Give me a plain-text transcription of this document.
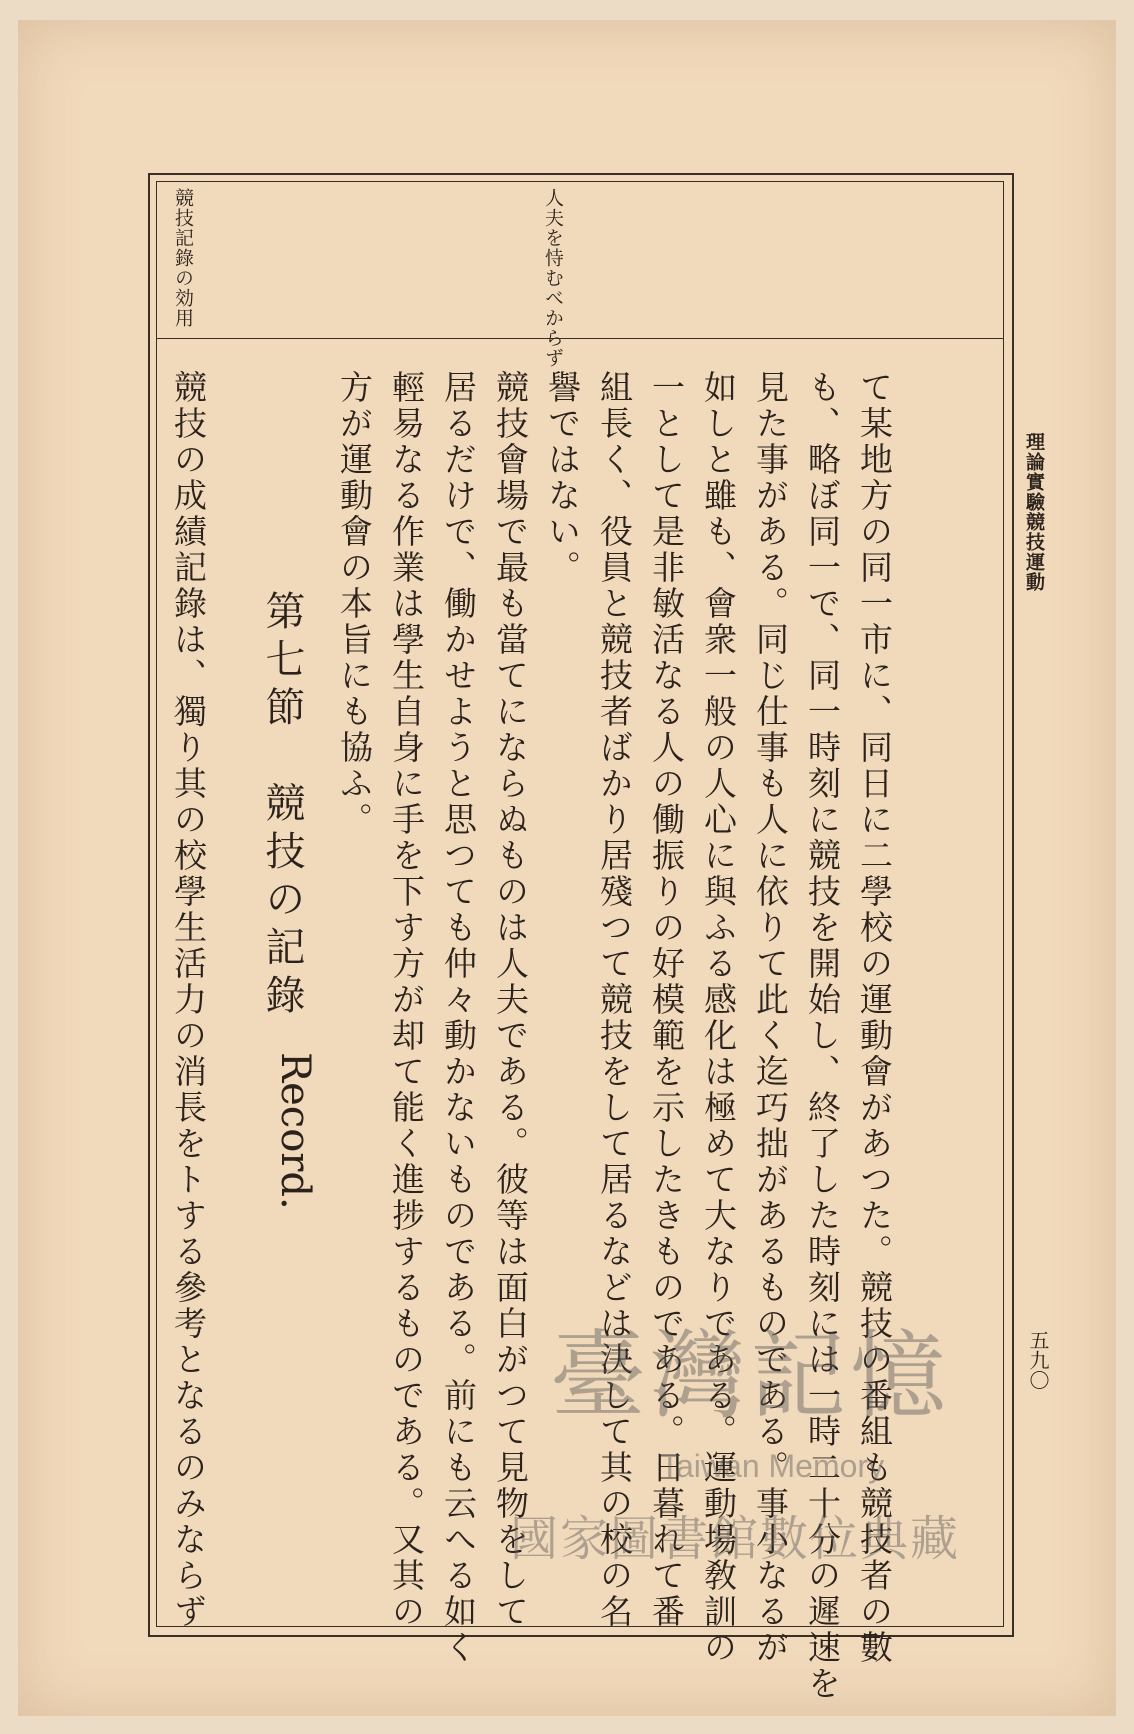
理論實驗競技運動
五九〇
人夫を恃むべからず
競技記錄の効用
て某地方の同一市に、同日に二學校の運動會があつた。競技の番組も競技者の數
も、略ぼ同一で、同一時刻に競技を開始し、終了した時刻には一時二十分の遲速を
見た事がある。同じ仕事も人に依りて此く迄巧拙があるものである。事小なるが
如しと雖も、會衆一般の人心に與ふる感化は極めて大なりである。運動場敎訓の
一として是非敏活なる人の働振りの好模範を示したきものである。日暮れて番
組長く、役員と競技者ばかり居殘つて競技をして居るなどは決して其の校の名
譽ではない。
競技會場で最も當てにならぬものは人夫である。彼等は面白がつて見物をして
居るだけで、働かせようと思つても仲々動かないものである。前にも云へる如く
輕易なる作業は學生自身に手を下す方が却て能く進捗するものである。又其の
方が運動會の本旨にも協ふ。
第七節　競技の記錄Record.
競技の成績記錄は、獨り其の校學生活力の消長をトする參考となるのみならず	臺灣記憶
Taiwan Memory
國家圖書館數位典藏
